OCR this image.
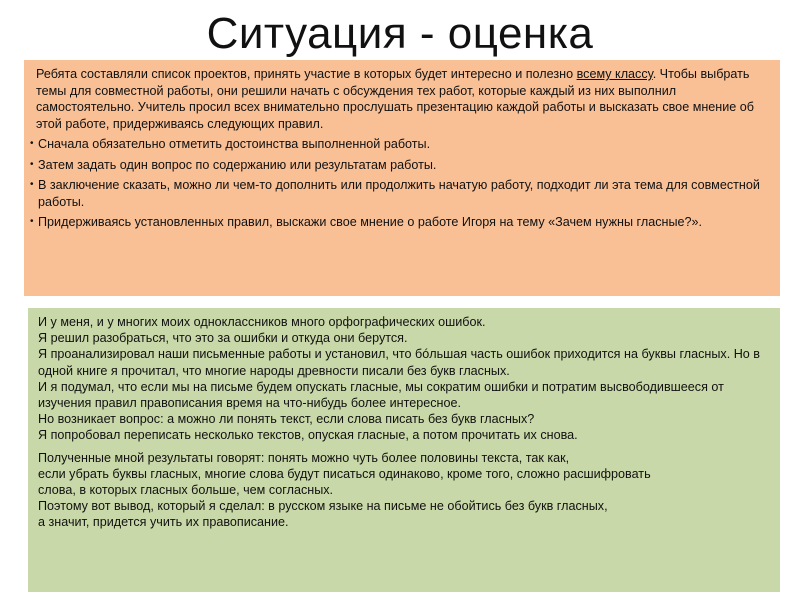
Ситуация - оценка

Ребята составляли список проектов, принять участие в которых будет интересно и полезно всему классу. Чтобы выбрать темы для совместной работы, они решили начать с обсуждения тех работ, которые каждый из них выполнил самостоятельно. Учитель просил всех внимательно прослушать презентацию каждой работы и высказать свое мнение об этой работе, придерживаясь следующих правил.

• Сначала обязательно отметить достоинства выполненной работы.
• Затем задать один вопрос по содержанию или результатам работы.
• В заключение сказать, можно ли чем-то дополнить или продолжить начатую работу, подходит ли эта тема для совместной работы.
• Придерживаясь установленных правил, выскажи свое мнение о работе Игоря на тему «Зачем нужны гласные?».

И у меня, и у многих моих одноклассников много орфографических ошибок.

Я решил разобраться, что это за ошибки и откуда они берутся.

Я проанализировал наши письменные работы и установил, что бóльшая часть ошибок приходится на буквы гласных. Но в одной книге я прочитал, что многие народы древности писали без букв гласных.

И я подумал, что если мы на письме будем опускать гласные, мы сократим ошибки и потратим высвободившееся от изучения правил правописания время на что-нибудь более интересное.

Но возникает вопрос: а можно ли понять текст, если слова писать без букв гласных?

Я попробовал переписать несколько текстов, опуская гласные, а потом прочитать их снова.

Полученные мной результаты говорят: понять можно чуть более половины текста, так как,

если убрать буквы гласных, многие слова будут писаться одинаково, кроме того, сложно расшифровать

слова, в которых гласных больше, чем согласных.

Поэтому вот вывод, который я сделал: в русском языке на письме не обойтись без букв гласных,

а значит, придется учить их правописание.
